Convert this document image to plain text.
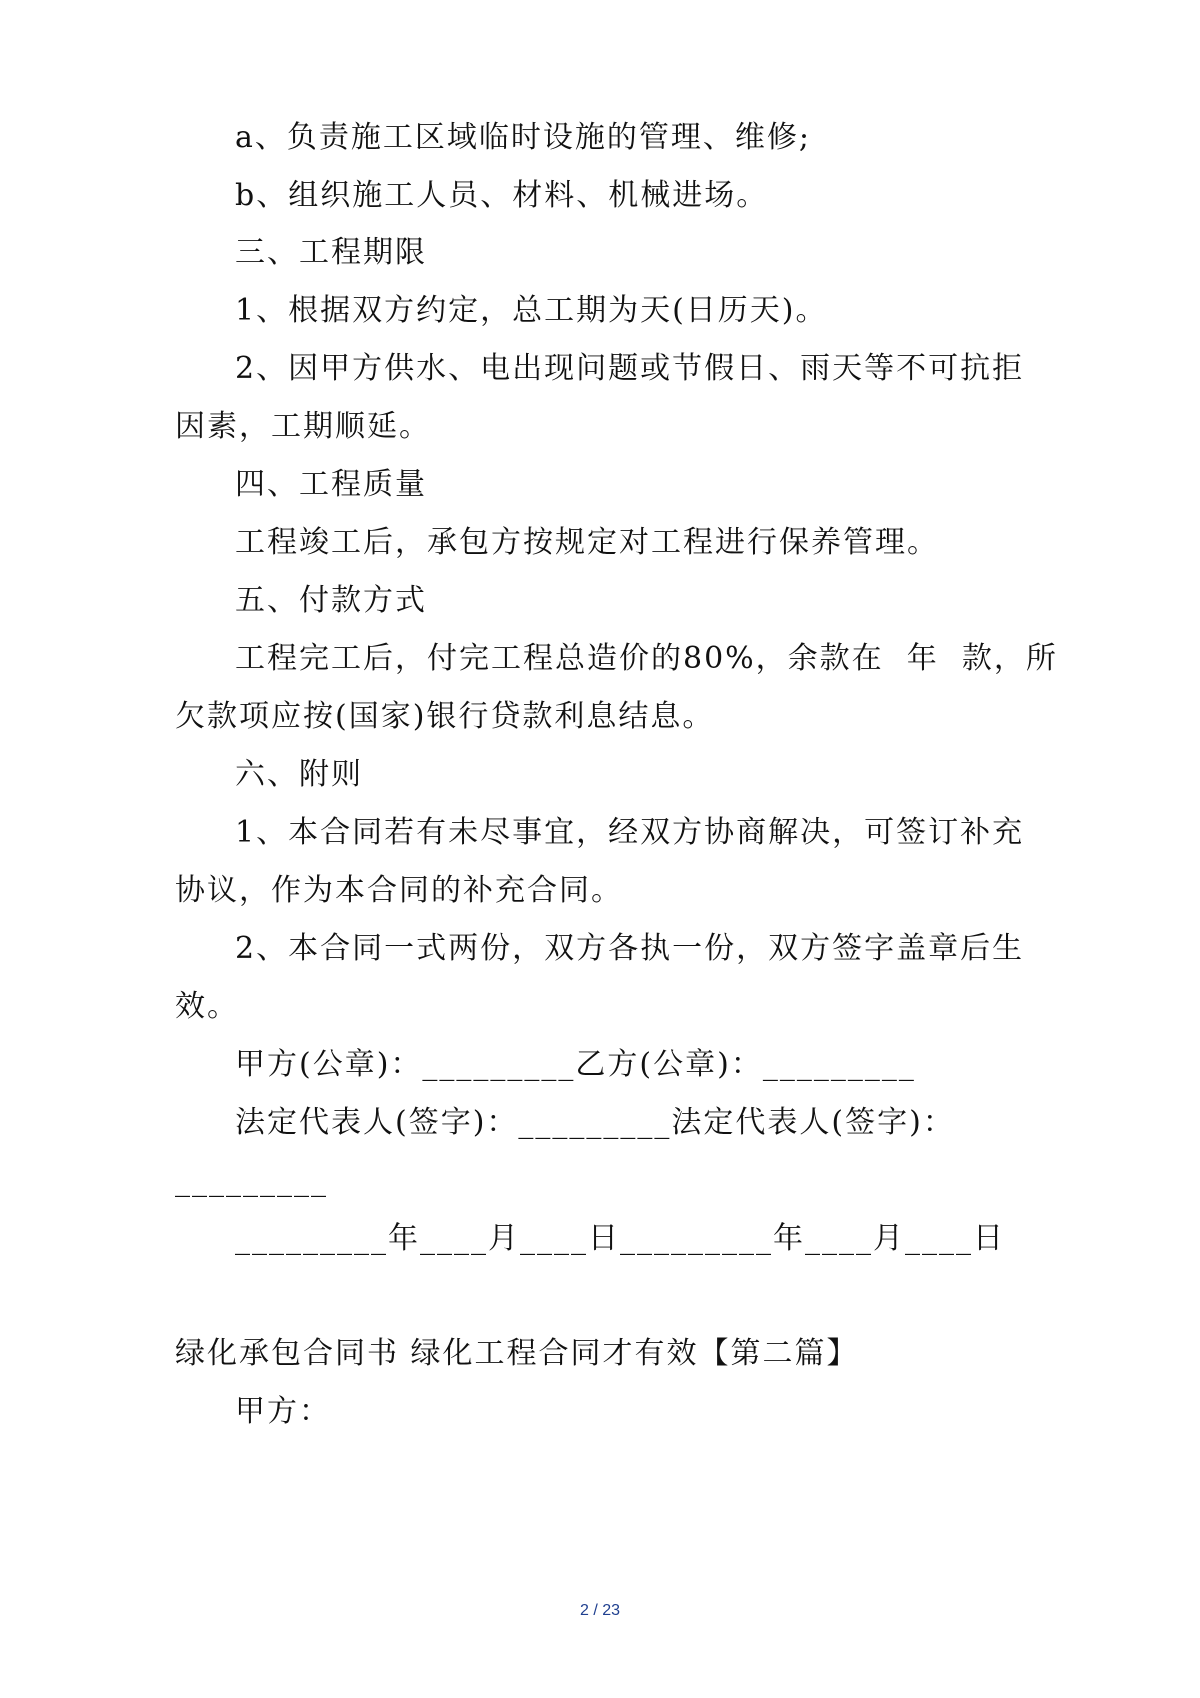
a、负责施工区域临时设施的管理、维修;
b、组织施工人员、材料、机械进场。
三、工程期限
1、根据双方约定，总工期为天(日历天)。
2、因甲方供水、电出现问题或节假日、雨天等不可抗拒
因素，工期顺延。
四、工程质量
工程竣工后，承包方按规定对工程进行保养管理。
五、付款方式
工程完工后，付完工程总造价的80%，余款在  年  款，所
欠款项应按(国家)银行贷款利息结息。
六、附则
1、本合同若有未尽事宜，经双方协商解决，可签订补充
协议，作为本合同的补充合同。
2、本合同一式两份，双方各执一份，双方签字盖章后生
效。
甲方(公章)：_________乙方(公章)：_________
法定代表人(签字)：_________法定代表人(签字)：
_________
_________年____月____日_________年____月____日
绿化承包合同书 绿化工程合同才有效【第二篇】
甲方：
2 / 23
